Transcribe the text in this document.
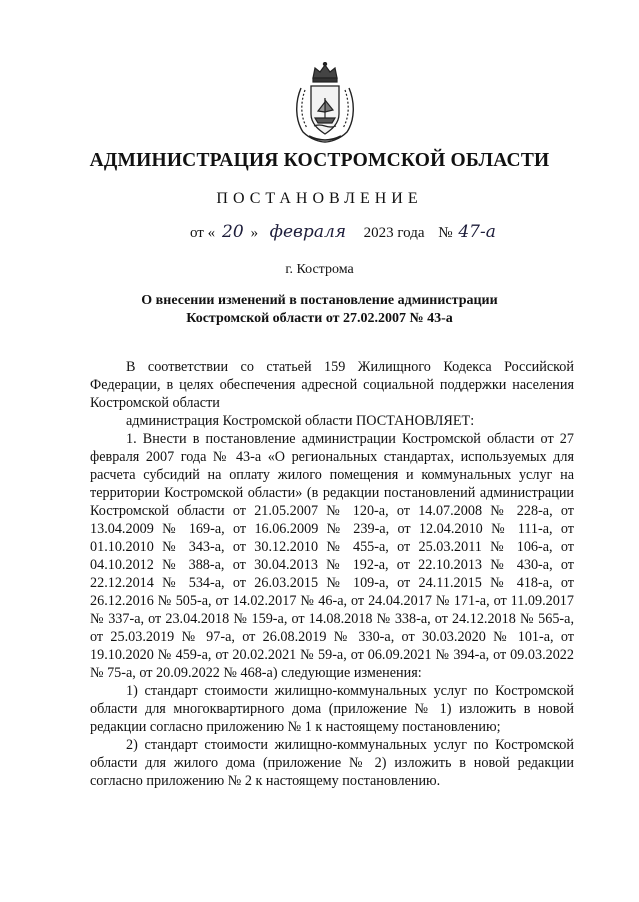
АДМИНИСТРАЦИЯ КОСТРОМСКОЙ ОБЛАСТИ
ПОСТАНОВЛЕНИЕ
от « 20 » февраля 2023 года № 47-а
г. Кострома
О внесении изменений в постановление администрации
Костромской области от 27.02.2007 № 43-а

В соответствии со статьей 159 Жилищного Кодекса Российской Федерации, в целях обеспечения адресной социальной поддержки населения Костромской области

администрация Костромской области ПОСТАНОВЛЯЕТ:

1. Внести в постановление администрации Костромской области от 27 февраля 2007 года № 43-а «О региональных стандартах, используемых для расчета субсидий на оплату жилого помещения и коммунальных услуг на территории Костромской области» (в редакции постановлений администрации Костромской области от 21.05.2007 № 120-а, от 14.07.2008 № 228-а, от 13.04.2009 № 169-а, от 16.06.2009 № 239-а, от 12.04.2010 № 111-а, от 01.10.2010 № 343-а, от 30.12.2010 № 455-а, от 25.03.2011 № 106-а, от 04.10.2012 № 388-а, от 30.04.2013 № 192-а, от 22.10.2013 № 430-а, от 22.12.2014 № 534-а, от 26.03.2015 № 109-а, от 24.11.2015 № 418-а, от 26.12.2016 № 505-а, от 14.02.2017 № 46-а, от 24.04.2017 № 171-а, от 11.09.2017 № 337-а, от 23.04.2018 № 159-а, от 14.08.2018 № 338-а, от 24.12.2018 № 565-а, от 25.03.2019 № 97-а, от 26.08.2019 № 330-а, от 30.03.2020 № 101-а, от 19.10.2020 № 459-а, от 20.02.2021 № 59-а, от 06.09.2021 № 394-а, от 09.03.2022 № 75-а, от 20.09.2022 № 468-а) следующие изменения:

1) стандарт стоимости жилищно-коммунальных услуг по Костромской области для многоквартирного дома (приложение № 1) изложить в новой редакции согласно приложению № 1 к настоящему постановлению;

2) стандарт стоимости жилищно-коммунальных услуг по Костромской области для жилого дома (приложение № 2) изложить в новой редакции согласно приложению № 2 к настоящему постановлению.
